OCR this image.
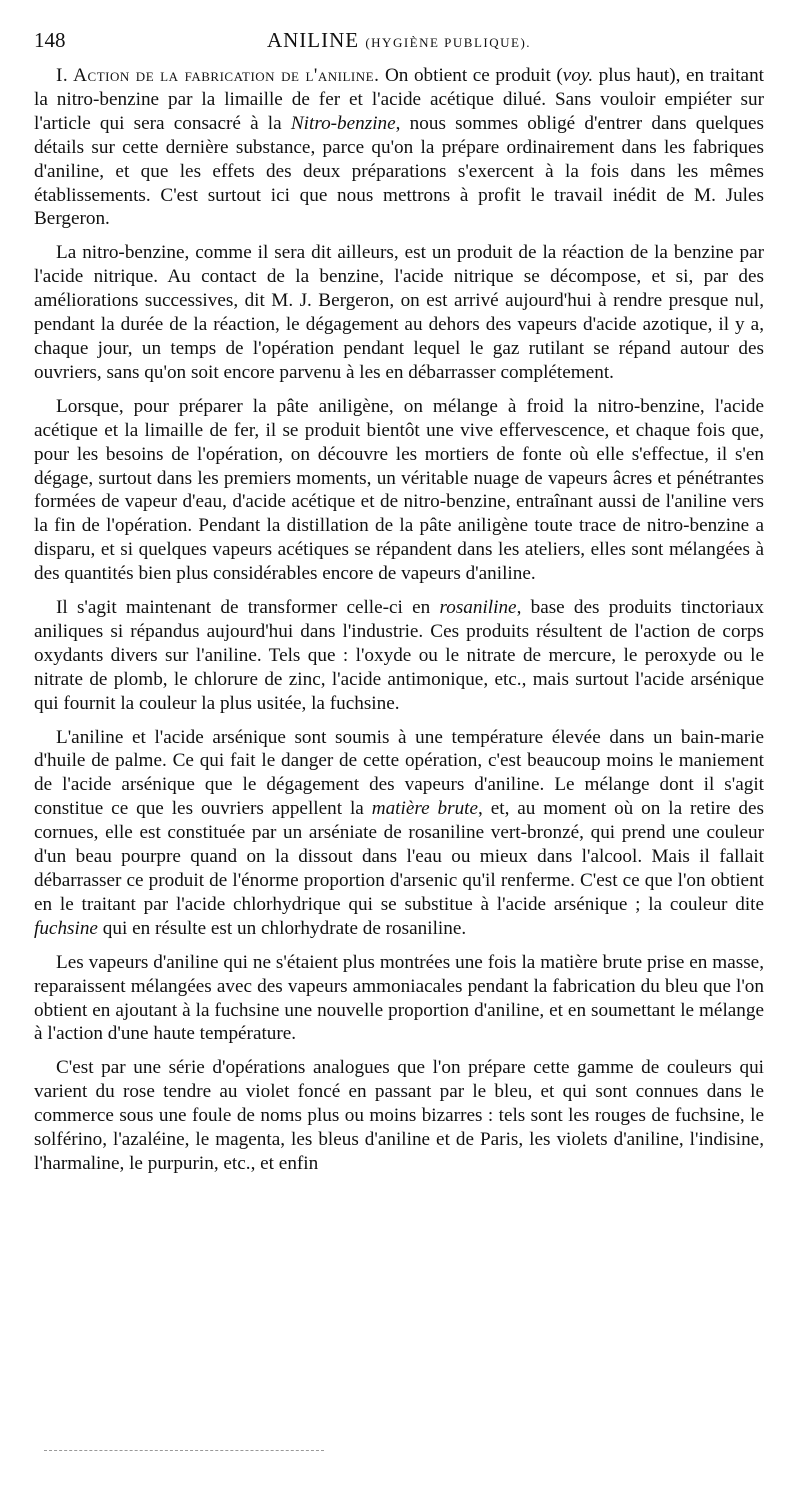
148	ANILINE (HYGIÈNE PUBLIQUE).

I. Action de la fabrication de l'aniline. On obtient ce produit (voy. plus haut), en traitant la nitro-benzine par la limaille de fer et l'acide acétique dilué. Sans vouloir empiéter sur l'article qui sera consacré à la Nitro-benzine, nous sommes obligé d'entrer dans quelques détails sur cette dernière substance, parce qu'on la prépare ordinairement dans les fabriques d'aniline, et que les effets des deux préparations s'exercent à la fois dans les mêmes établissements. C'est surtout ici que nous mettrons à profit le travail inédit de M. Jules Bergeron.

La nitro-benzine, comme il sera dit ailleurs, est un produit de la réaction de la benzine par l'acide nitrique. Au contact de la benzine, l'acide nitrique se décompose, et si, par des améliorations successives, dit M. J. Bergeron, on est arrivé aujourd'hui à rendre presque nul, pendant la durée de la réaction, le dégagement au dehors des vapeurs d'acide azotique, il y a, chaque jour, un temps de l'opération pendant lequel le gaz rutilant se répand autour des ouvriers, sans qu'on soit encore parvenu à les en débarrasser complétement.

Lorsque, pour préparer la pâte aniligène, on mélange à froid la nitro-benzine, l'acide acétique et la limaille de fer, il se produit bientôt une vive effervescence, et chaque fois que, pour les besoins de l'opération, on découvre les mortiers de fonte où elle s'effectue, il s'en dégage, surtout dans les premiers moments, un véritable nuage de vapeurs âcres et pénétrantes formées de vapeur d'eau, d'acide acétique et de nitro-benzine, entraînant aussi de l'aniline vers la fin de l'opération. Pendant la distillation de la pâte aniligène toute trace de nitro-benzine a disparu, et si quelques vapeurs acétiques se répandent dans les ateliers, elles sont mélangées à des quantités bien plus considérables encore de vapeurs d'aniline.

Il s'agit maintenant de transformer celle-ci en rosaniline, base des produits tinctoriaux aniliques si répandus aujourd'hui dans l'industrie. Ces produits résultent de l'action de corps oxydants divers sur l'aniline. Tels que : l'oxyde ou le nitrate de mercure, le peroxyde ou le nitrate de plomb, le chlorure de zinc, l'acide antimonique, etc., mais surtout l'acide arsénique qui fournit la couleur la plus usitée, la fuchsine.

L'aniline et l'acide arsénique sont soumis à une température élevée dans un bain-marie d'huile de palme. Ce qui fait le danger de cette opération, c'est beaucoup moins le maniement de l'acide arsénique que le dégagement des vapeurs d'aniline. Le mélange dont il s'agit constitue ce que les ouvriers appellent la matière brute, et, au moment où on la retire des cornues, elle est constituée par un arséniate de rosaniline vert-bronzé, qui prend une couleur d'un beau pourpre quand on la dissout dans l'eau ou mieux dans l'alcool. Mais il fallait débarrasser ce produit de l'énorme proportion d'arsenic qu'il renferme. C'est ce que l'on obtient en le traitant par l'acide chlorhydrique qui se substitue à l'acide arsénique ; la couleur dite fuchsine qui en résulte est un chlorhydrate de rosaniline.

Les vapeurs d'aniline qui ne s'étaient plus montrées une fois la matière brute prise en masse, reparaissent mélangées avec des vapeurs ammoniacales pendant la fabrication du bleu que l'on obtient en ajoutant à la fuchsine une nouvelle proportion d'aniline, et en soumettant le mélange à l'action d'une haute température.

C'est par une série d'opérations analogues que l'on prépare cette gamme de couleurs qui varient du rose tendre au violet foncé en passant par le bleu, et qui sont connues dans le commerce sous une foule de noms plus ou moins bizarres : tels sont les rouges de fuchsine, le solférino, l'azaléine, le magenta, les bleus d'aniline et de Paris, les violets d'aniline, l'indisine, l'harmaline, le purpurin, etc., et enfin
